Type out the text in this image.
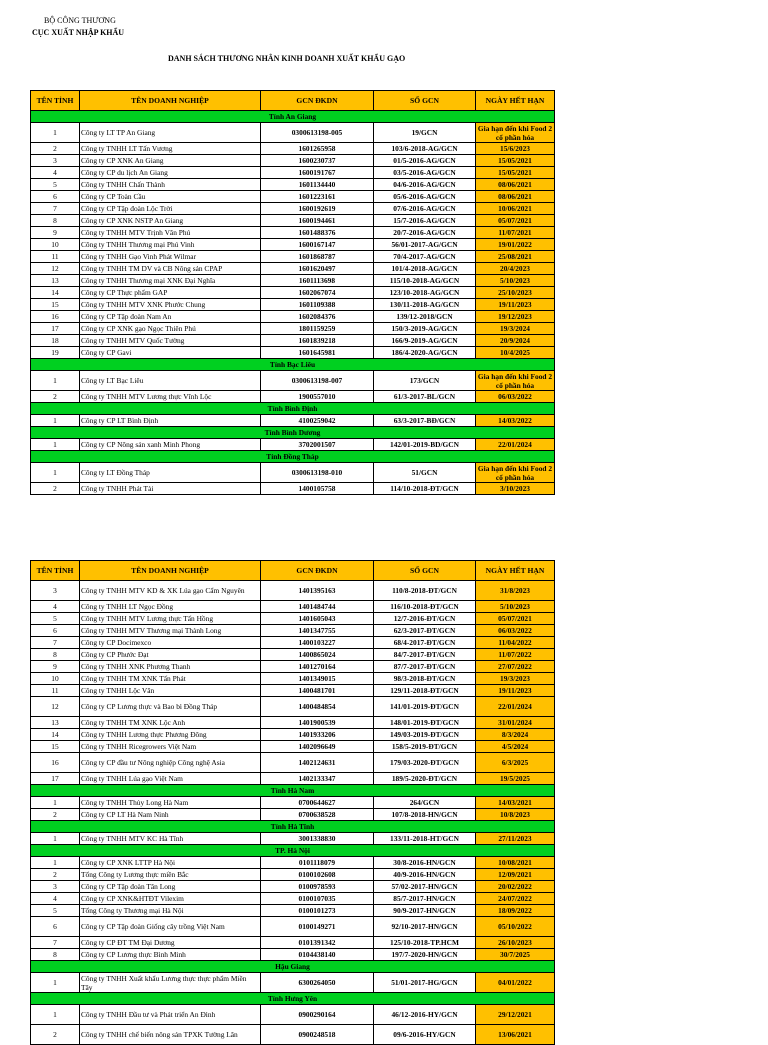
BỘ CÔNG THƯƠNG
CỤC XUẤT NHẬP KHẨU
DANH SÁCH THƯƠNG NHÂN KINH DOANH XUẤT KHẨU GẠO
TÊN TỈNH	TÊN DOANH NGHIỆP	GCN ĐKDN	SỐ GCN	NGÀY HẾT HẠN
Tỉnh An Giang				
1	Công ty LT TP An Giang	0300613198-005	19/GCN	Gia hạn đến khi Food 2 cổ phần hóa
2	Công ty TNHH LT Tấn Vương	1601265958	103/6-2018-AG/GCN	15/6/2023
3	Công ty CP XNK An Giang	1600230737	01/5-2016-AG/GCN	15/05/2021
4	Công ty CP du lịch An Giang	1600191767	03/5-2016-AG/GCN	15/05/2021
5	Công ty TNHH Chấn Thành	1601134440	04/6-2016-AG/GCN	08/06/2021
6	Công ty CP Toàn Cầu	1601223161	05/6-2016-AG/GCN	08/06/2021
7	Công ty CP Tập đoàn Lộc Trời	1600192619	07/6-2016-AG/GCN	10/06/2021
8	Công ty CP XNK NSTP An Giang	1600194461	15/7-2016-AG/GCN	05/07/2021
9	Công ty TNHH MTV Trịnh Văn Phú	1601488376	20/7-2016-AG/GCN	11/07/2021
10	Công ty TNHH Thương mại Phú Vinh	1600167147	56/01-2017-AG/GCN	19/01/2022
11	Công ty TNHH Gạo Vinh Phát Wilmar	1601868787	70/4-2017-AG/GCN	25/08/2021
12	Công ty TNHH TM DV và CB Nông sản CPAP	1601620497	101/4-2018-AG/GCN	20/4/2023
13	Công ty TNHH Thương mại XNK Đại Nghĩa	1601113698	115/10-2018-AG/GCN	5/10/2023
14	Công ty CP Thực phẩm GAP	1602067074	123/10-2018-AG/GCN	25/10/2023
15	Công ty TNHH MTV XNK Phước Chung	1601109388	130/11-2018-AG/GCN	19/11/2023
16	Công ty CP Tập đoàn Nam An	1602084376	139/12-2018/GCN	19/12/2023
17	Công ty CP XNK gạo Ngọc Thiên Phú	1801159259	150/3-2019-AG/GCN	19/3/2024
18	Công ty TNHH MTV Quốc Tường	1601839218	166/9-2019-AG/GCN	20/9/2024
19	Công ty CP Gavi	1601645981	186/4-2020-AG/GCN	10/4/2025
Tỉnh Bạc Liêu				
1	Công ty LT Bạc Liêu	0300613198-007	173/GCN	Gia hạn đến khi Food 2 cổ phần hóa
2	Công ty TNHH MTV Lương thực Vĩnh Lộc	1900557010	61/3-2017-BL/GCN	06/03/2022
Tỉnh Bình Định				
1	Công ty CP LT Bình Định	4100259042	63/3-2017-BĐ/GCN	14/03/2022
Tỉnh Bình Dương				
1	Công ty CP Nông sản xanh Minh Phong	3702001507	142/01-2019-BD/GCN	22/01/2024
Tỉnh Đồng Tháp				
1	Công ty LT Đồng Tháp	0300613198-010	51/GCN	Gia hạn đến khi Food 2 cổ phần hóa
2	Công ty TNHH Phát Tài	1400105758	114/10-2018-ĐT/GCN	3/10/2023
TÊN TỈNH	TÊN DOANH NGHIỆP	GCN ĐKDN	SỐ GCN	NGÀY HẾT HẠN
3	Công ty TNHH MTV KD & XK Lúa gạo Cẩm Nguyên	1401395163	110/8-2018-ĐT/GCN	31/8/2023
4	Công ty TNHH LT Ngọc Đồng	1401484744	116/10-2018-ĐT/GCN	5/10/2023
5	Công ty TNHH MTV Lương thực Tấn Hồng	1401605043	12/7-2016-ĐT/GCN	05/07/2021
6	Công ty TNHH MTV Thương mại Thành Long	1401347755	62/3-2017-ĐT/GCN	06/03/2022
7	Công ty CP Docimexco	1400103227	68/4-2017-ĐT/GCN	11/04/2022
8	Công ty CP Phước Đạt	1400865024	84/7-2017-ĐT/GCN	11/07/2022
9	Công ty TNHH XNK Phương Thanh	1401270164	87/7-2017-ĐT/GCN	27/07/2022
10	Công ty TNHH TM XNK Tấn Phát	1401349015	98/3-2018-ĐT/GCN	19/3/2023
11	Công ty TNHH Lộc Vân	1400481701	129/11-2018-ĐT/GCN	19/11/2023
12	Công ty CP Lương thực và Bao bì Đồng Tháp	1400484854	141/01-2019-ĐT/GCN	22/01/2024
13	Công ty TNHH TM XNK Lộc Anh	1401900539	148/01-2019-ĐT/GCN	31/01/2024
14	Công ty TNHH Lương thực Phương Đông	1401933206	149/03-2019-ĐT/GCN	8/3/2024
15	Công ty TNHH Ricegrowers Việt Nam	1402096649	158/5-2019-ĐT/GCN	4/5/2024
16	Công ty CP đầu tư Nông nghiệp Công nghệ Asia	1402124631	179/03-2020-ĐT/GCN	6/3/2025
17	Công ty TNHH Lúa gạo Việt Nam	1402133347	189/5-2020-ĐT/GCN	19/5/2025
Tỉnh Hà Nam				
1	Công ty TNHH Thủy Long Hà Nam	0700644627	264/GCN	14/03/2021
2	Công ty CP LT Hà Nam Ninh	0700638528	107/8-2018-HN/GCN	10/8/2023
Tỉnh Hà Tĩnh				
1	Công ty TNHH MTV KC Hà Tĩnh	3001338830	133/11-2018-HT/GCN	27/11/2023
TP. Hà Nội				
1	Công ty CP XNK LTTP Hà Nội	0101118079	30/8-2016-HN/GCN	10/08/2021
2	Tổng Công ty Lương thực miền Bắc	0100102608	40/9-2016-HN/GCN	12/09/2021
3	Công ty CP Tập đoàn Tân Long	0100978593	57/02-2017-HN/GCN	20/02/2022
4	Công ty CP XNK&HTĐT Vilexim	0100107035	85/7-2017-HN/GCN	24/07/2022
5	Tổng Công ty Thương mại Hà Nội	0100101273	90/9-2017-HN/GCN	18/09/2022
6	Công ty CP Tập đoàn Giống cây trồng Việt Nam	0100149271	92/10-2017-HN/GCN	05/10/2022
7	Công ty CP ĐT TM Đại Dương	0101391342	125/10-2018-TP.HCM	26/10/2023
8	Công ty CP Lương thực Bình Minh	0104438140	197/7-2020-HN/GCN	30/7/2025
Hậu Giang				
1	Công ty TNHH Xuất khẩu Lương thực thực phẩm Miền Tây	6300264050	51/01-2017-HG/GCN	04/01/2022
Tỉnh Hưng Yên				
1	Công ty TNHH Đầu tư và Phát triển An Đình	0900290164	46/12-2016-HY/GCN	29/12/2021
2	Công ty TNHH chế biến nông sản TPXK Tường Lân	0900248518	09/6-2016-HY/GCN	13/06/2021
